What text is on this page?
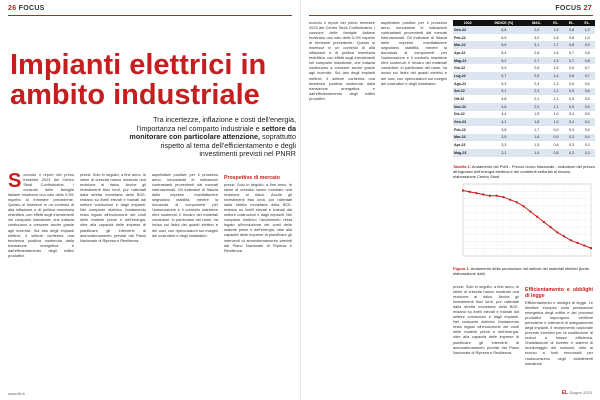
26 FOCUS
Impianti elettrici in ambito industriale
Tra incertezze, inflazione e costi dell'energia, l'importanza nel comparto industriale e settore da monitorare con particolare attenzione, soprattutto rispetto al tema dell'efficientamento e degli investimenti previsti nel PNRR
S econdo il report del primo trimestre 2023 del Centro Studi Confindustria, i consumi delle famiglie italiane mostrano uno calo dello 0,3% rispetto al trimestre precedente. Questo si inserisce in un contesto di alta inflazione e di politica monetaria restrittiva, con effetti sugli investimenti nel comparto industriale, che tuttavia continuano a crescere anche grazie agli incentivi. Sul lato degli impianti elettrici, il settore conferma una tendenza positiva sostenuta dalla transizione energetica e dall'efficientamento degli edifici produttivi.
prezzi. Solo in seguito, a fine anno, le stime di crescita hanno mostrato una revisione al rialzo. Anche gli investimenti fissi lordi, pur rallentati dalla stretta monetaria della BCE, restano su livelli elevati e trainati dal settore costruzioni e dagli impianti. Nel comparto elettrico l'andamento resta legato all'evoluzione dei costi delle materie prime e dell'energia, oltre alla capacità delle imprese di pianificare gli interventi di ammodernamento previsti dal Piano Nazionale di Ripresa e Resilienza.
aspettative positive per il prossimo anno, nonostante le indicazioni contrastanti provenienti dai mercati internazionali. Gli indicatori di fiducia delle imprese manifatturiere segnalano stabilità, mentre la domanda di componenti per l'automazione e il controllo mantiene ritmi sostenuti. Il rincaro dei materiali conduttori, in particolare del rame, ha inciso sui listini dei quadri elettrici e dei cavi, con ripercussioni sui margini dei costruttori e degli installatori.
Prospettive di mercato
prezzi. Solo in seguito, a fine anno, le stime di crescita hanno mostrato una revisione al rialzo. Anche gli investimenti fissi lordi, pur rallentati dalla stretta monetaria della BCE, restano su livelli elevati e trainati dal settore costruzioni e dagli impianti. Nel comparto elettrico l'andamento resta legato all'evoluzione dei costi delle materie prime e dell'energia, oltre alla capacità delle imprese di pianificare gli interventi di ammodernamento previsti dal Piano Nazionale di Ripresa e Resilienza.
www.ilb.it
FOCUS 27
econdo il report del primo trimestre 2023 del Centro Studi Confindustria, i consumi delle famiglie italiane mostrano uno calo dello 0,3% rispetto al trimestre precedente. Questo si inserisce in un contesto di alta inflazione e di politica monetaria restrittiva, con effetti sugli investimenti nel comparto industriale, che tuttavia continuano a crescere anche grazie agli incentivi. Sul lato degli impianti elettrici, il settore conferma una tendenza positiva sostenuta dalla transizione energetica e dall'efficientamento degli edifici produttivi.
aspettative positive per il prossimo anno, nonostante le indicazioni contrastanti provenienti dai mercati internazionali. Gli indicatori di fiducia delle imprese manifatturiere segnalano stabilità, mentre la domanda di componenti per l'automazione e il controllo mantiene ritmi sostenuti. Il rincaro dei materiali conduttori, in particolare del rame, ha inciso sui listini dei quadri elettrici e dei cavi, con ripercussioni sui margini dei costruttori e degli installatori.
2022	INDICE (%)	MAC.	EL.	EL.	EL.
Gen-22	6,8	2,9	1,5	0,8	1,0
Feb-22	6,9	3,0	1,6	0,8	1,0
Mar-22	6,9	3,1	1,7	0,8	0,9
Apr-22	6,4	2,8	1,6	0,7	0,8
Mag-22	6,2	2,7	1,5	0,7	0,8
Giu-22	5,9	2,6	1,5	0,6	0,7
Lug-22	5,7	2,5	1,4	0,6	0,7
Ago-22	5,3	2,4	1,3	0,6	0,6
Set-22	5,1	2,3	1,2	0,5	0,6
Ott-22	4,8	2,1	1,2	0,5	0,5
Nov-22	4,6	2,0	1,1	0,5	0,5
Dic-22	4,4	1,9	1,0	0,4	0,5
Gen-23	4,1	1,8	1,0	0,4	0,4
Feb-23	3,8	1,7	0,9	0,4	0,4
Mar-23	3,5	1,6	0,9	0,3	0,4
Apr-23	3,3	1,5	0,8	0,3	0,3
Mag-23	3,1	1,4	0,8	0,3	0,3
Tabella 1. Andamento dei PUN - Prezzo Unico Nazionale - indicatore del prezzo all'ingrosso dell'energia elettrica e dei contributi settoriali al rincaro, elaborazione Centro Studi
Figura 1. Andamento della produzione nel settore dei materiali elettrici (fonte elaborazione dati)
prezzi. Solo in seguito, a fine anno, le stime di crescita hanno mostrato una revisione al rialzo. Anche gli investimenti fissi lordi, pur rallentati dalla stretta monetaria della BCE, restano su livelli elevati e trainati dal settore costruzioni e dagli impianti. Nel comparto elettrico l'andamento resta legato all'evoluzione dei costi delle materie prime e dell'energia, oltre alla capacità delle imprese di pianificare gli interventi di ammodernamento previsti dal Piano Nazionale di Ripresa e Resilienza.
Efficientamento e obblighi di legge
Efficientamento e obblighi di legge. Le direttive europee sulla prestazione energetica degli edifici e dei processi produttivi impongono verifiche periodiche e interventi di adeguamento degli impianti. Il recepimento nazionale prevede incentivi per la sostituzione di motori a bassa efficienza, l'installazione di inverter e sistemi di monitoraggio dei consumi, oltre al ricorso a fonti rinnovabili per l'autoconsumo negli stabilimenti industriali.
EL Giugno 2023
